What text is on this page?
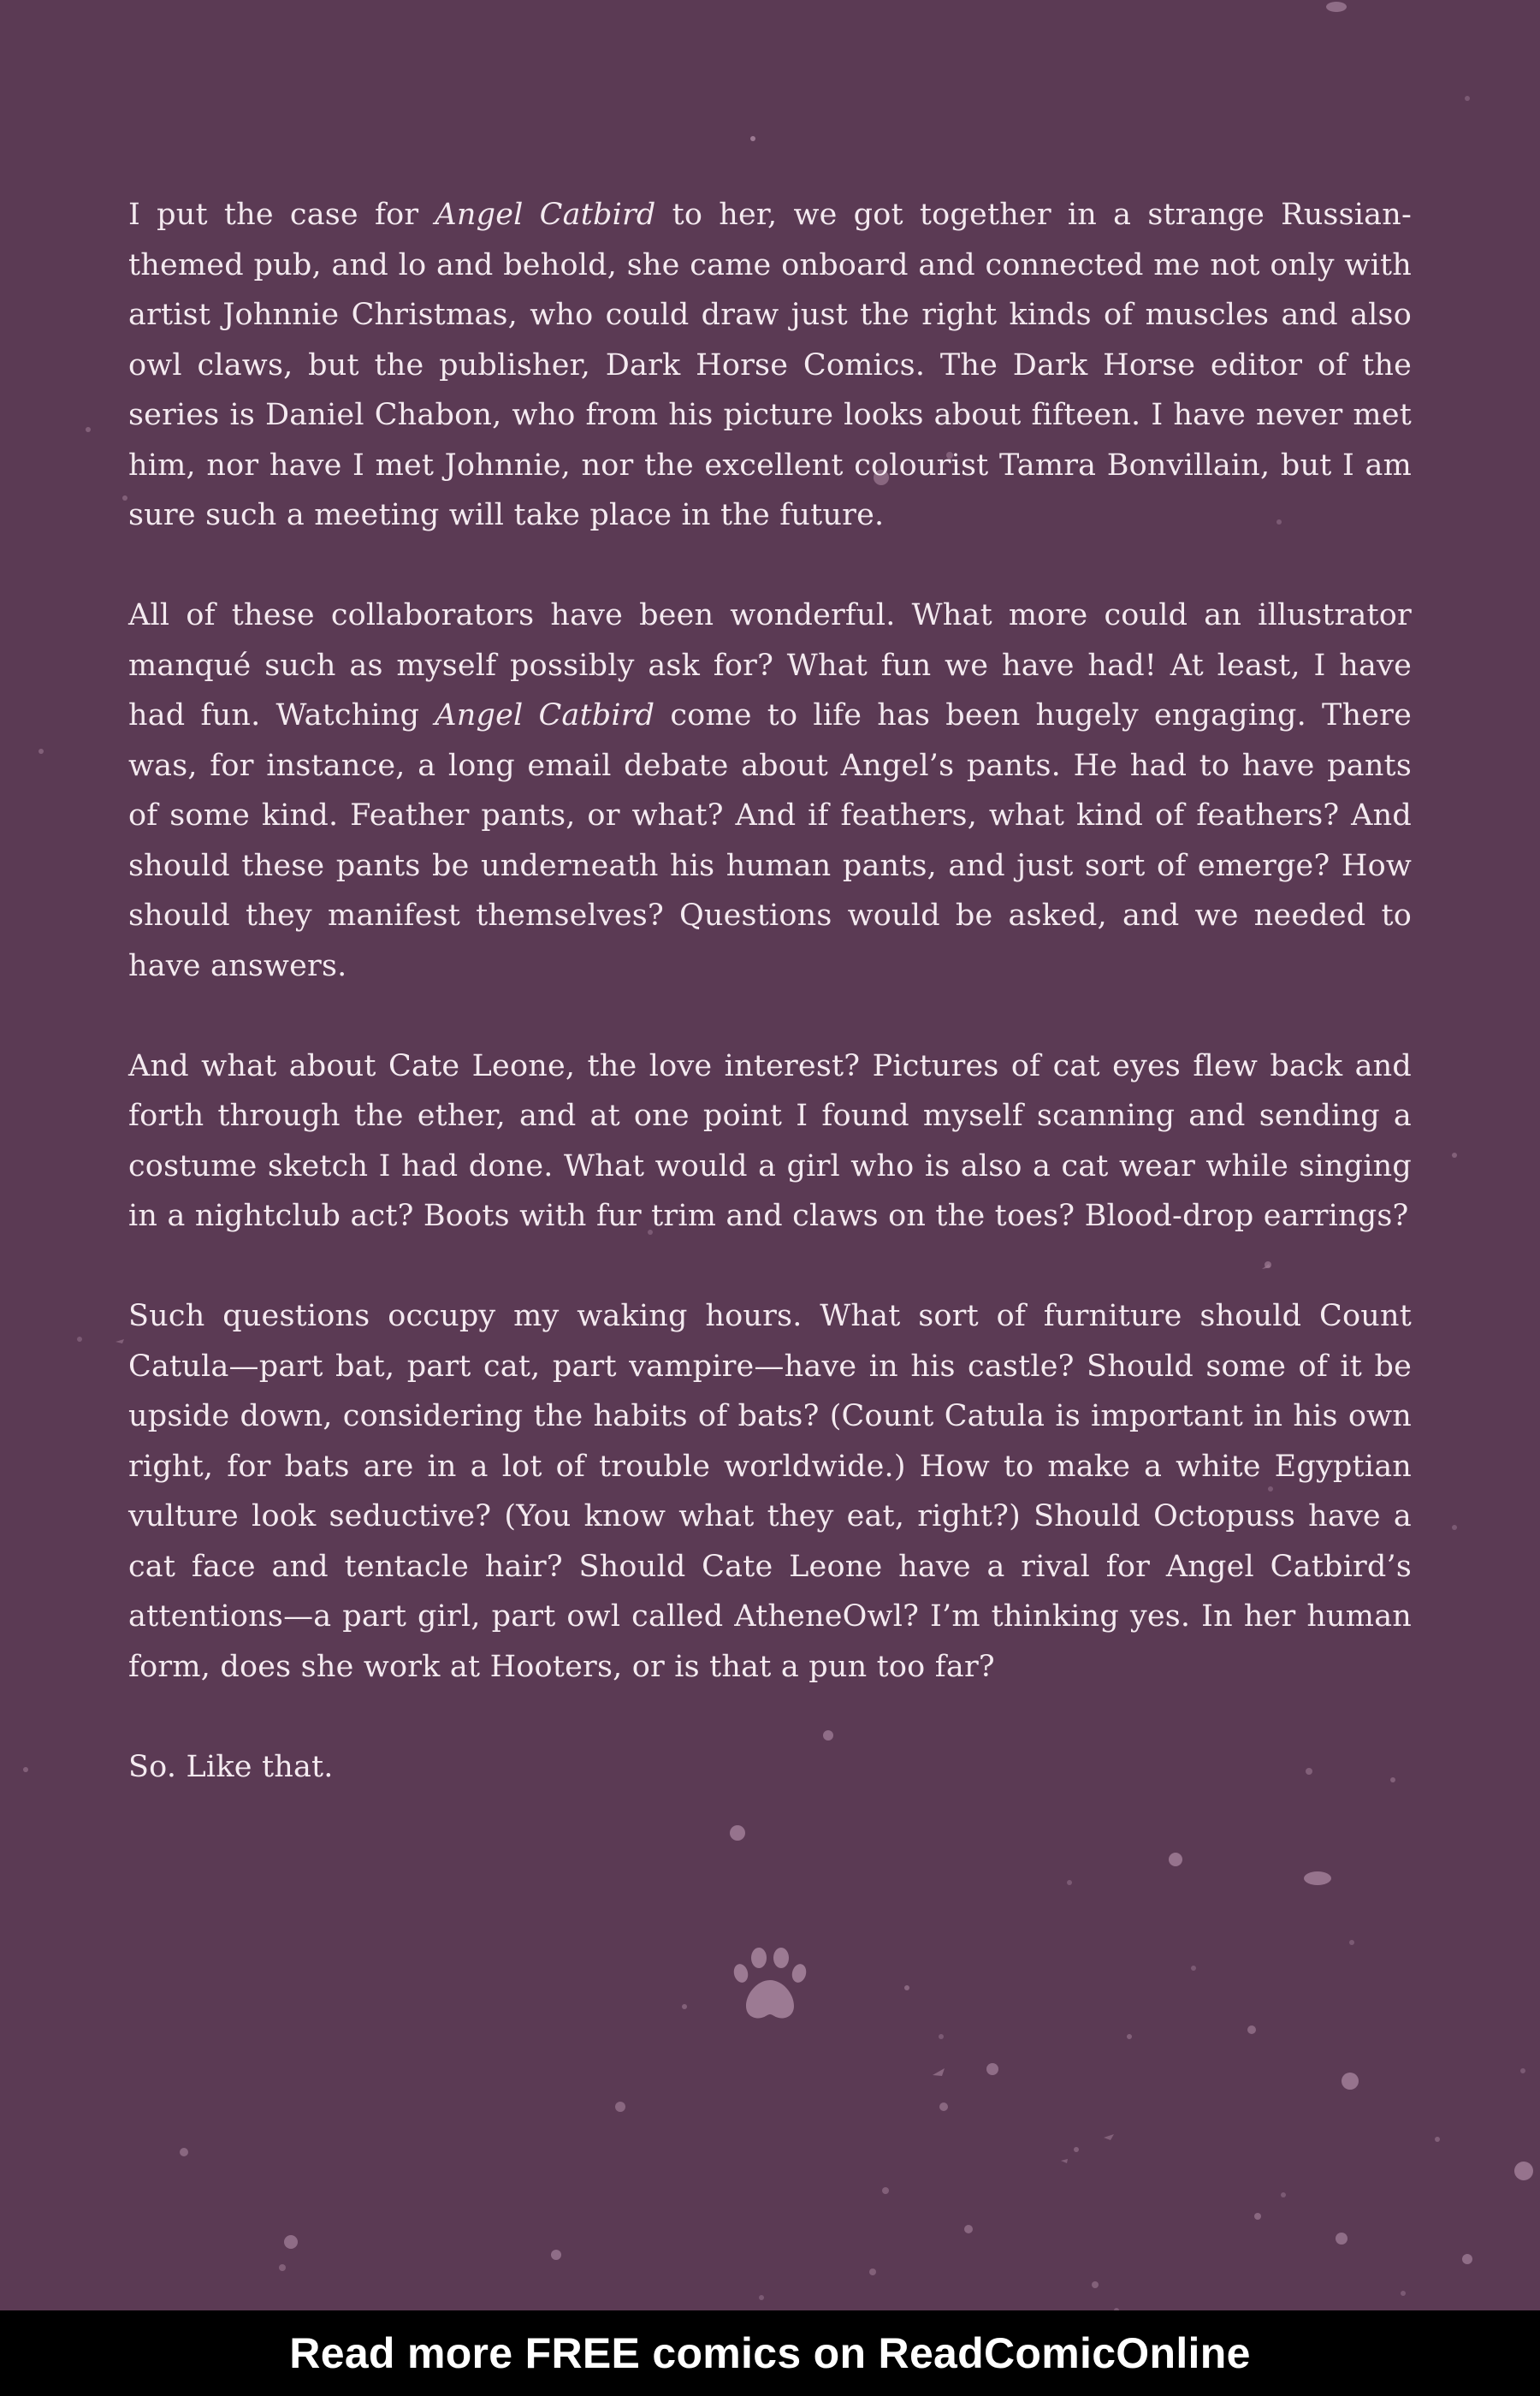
I put the case for Angel Catbird to her, we got together in a strange Russian-themed pub, and lo and behold, she came onboard and connected me not only with artist Johnnie Christmas, who could draw just the right kinds of muscles and also owl claws, but the publisher, Dark Horse Comics. The Dark Horse editor of the series is Daniel Chabon, who from his picture looks about fifteen. I have never met him, nor have I met Johnnie, nor the excellent colourist Tamra Bonvillain, but I am sure such a meeting will take place in the future.

All of these collaborators have been wonderful. What more could an illustrator manqué such as myself possibly ask for? What fun we have had! At least, I have had fun. Watching Angel Catbird come to life has been hugely engaging. There was, for instance, a long email debate about Angel’s pants. He had to have pants of some kind. Feather pants, or what? And if feathers, what kind of feathers? And should these pants be underneath his human pants, and just sort of emerge? How should they manifest themselves? Questions would be asked, and we needed to have answers.

And what about Cate Leone, the love interest? Pictures of cat eyes flew back and forth through the ether, and at one point I found myself scanning and sending a costume sketch I had done. What would a girl who is also a cat wear while singing in a nightclub act? Boots with fur trim and claws on the toes? Blood-drop earrings?

Such questions occupy my waking hours. What sort of furniture should Count Catula—part bat, part cat, part vampire—have in his castle? Should some of it be upside down, considering the habits of bats? (Count Catula is important in his own right, for bats are in a lot of trouble worldwide.) How to make a white Egyptian vulture look seductive? (You know what they eat, right?) Should Octopuss have a cat face and tentacle hair? Should Cate Leone have a rival for Angel Catbird’s attentions—a part girl, part owl called AtheneOwl? I’m thinking yes. In her human form, does she work at Hooters, or is that a pun too far?

So. Like that.

Read more FREE comics on ReadComicOnline
